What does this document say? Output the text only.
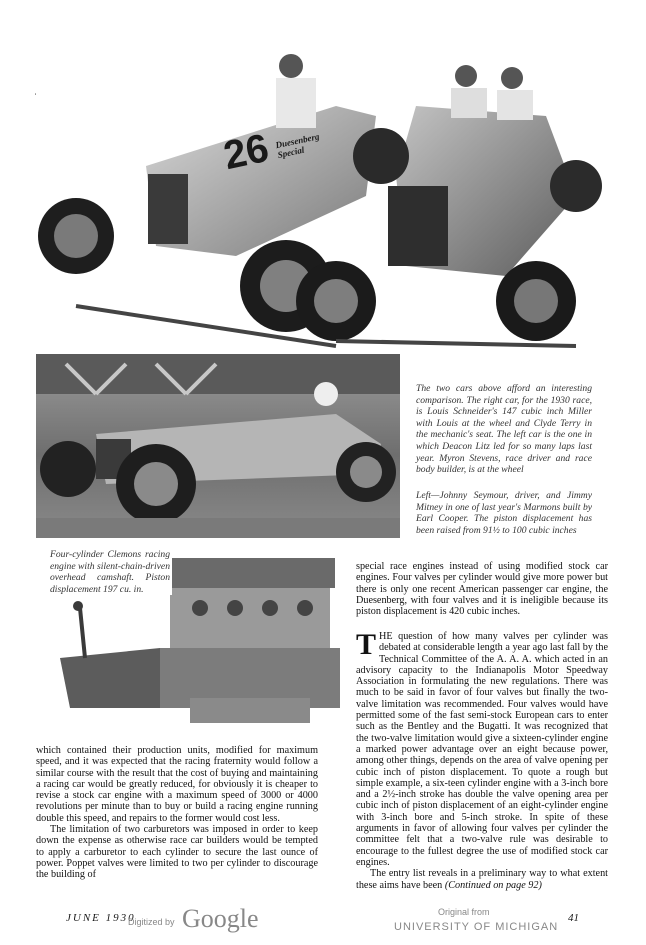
26 Duesenberg Special
The two cars above afford an interesting comparison. The right car, for the 1930 race, is Louis Schneider's 147 cubic inch Miller with Louis at the wheel and Clyde Terry in the mechanic's seat. The left car is the one in which Deacon Litz led for so many laps last year. Myron Stevens, race driver and race body builder, is at the wheel
Left—Johnny Seymour, driver, and Jimmy Mitney in one of last year's Marmons built by Earl Cooper. The piston displacement has been raised from 91½ to 100 cubic inches
Four-cylinder Clemons racing engine with silent-chain-driven overhead camshaft. Piston displacement 197 cu. in.

special race engines instead of using modified stock car engines. Four valves per cylinder would give more power but there is only one recent American passenger car engine, the Duesenberg, with four valves and it is ineligible because its piston displacement is 420 cubic inches.

THE question of how many valves per cylinder was debated at considerable length a year ago last fall by the Technical Committee of the A. A. A. which acted in an advisory capacity to the Indianapolis Motor Speedway Association in formulating the new regulations. There was much to be said in favor of four valves but finally the two-valve limitation was recommended. Four valves would have permitted some of the fast semi-stock European cars to enter such as the Bentley and the Bugatti. It was recognized that the two-valve limitation would give a sixteen-cylinder engine a marked power advantage over an eight because power, among other things, depends on the area of valve opening per cubic inch of piston displacement. To quote a rough but simple example, a six-teen cylinder engine with a 3-inch bore and a 2½-inch stroke has double the valve opening area per cubic inch of piston displacement of an eight-cylinder engine with 3-inch bore and 5-inch stroke. In spite of these arguments in favor of allowing four valves per cylinder the committee felt that a two-valve rule was desirable to encourage to the fullest degree the use of modified stock car engines.

The entry list reveals in a preliminary way to what extent these aims have been (Continued on page 92)

which contained their production units, modified for maximum speed, and it was expected that the racing fraternity would follow a similar course with the result that the cost of buying and maintaining a racing car would be greatly reduced, for obviously it is cheaper to revise a stock car engine with a maximum speed of 3000 or 4000 revolutions per minute than to buy or build a racing engine running double this speed, and repairs to the former would cost less.

The limitation of two carburetors was imposed in order to keep down the expense as otherwise race car builders would be tempted to apply a carburetor to each cylinder to secure the last ounce of power. Poppet valves were limited to two per cylinder to discourage the building of

JUNE 1930
Digitized by Google	Original from
UNIVERSITY OF MICHIGAN
41
